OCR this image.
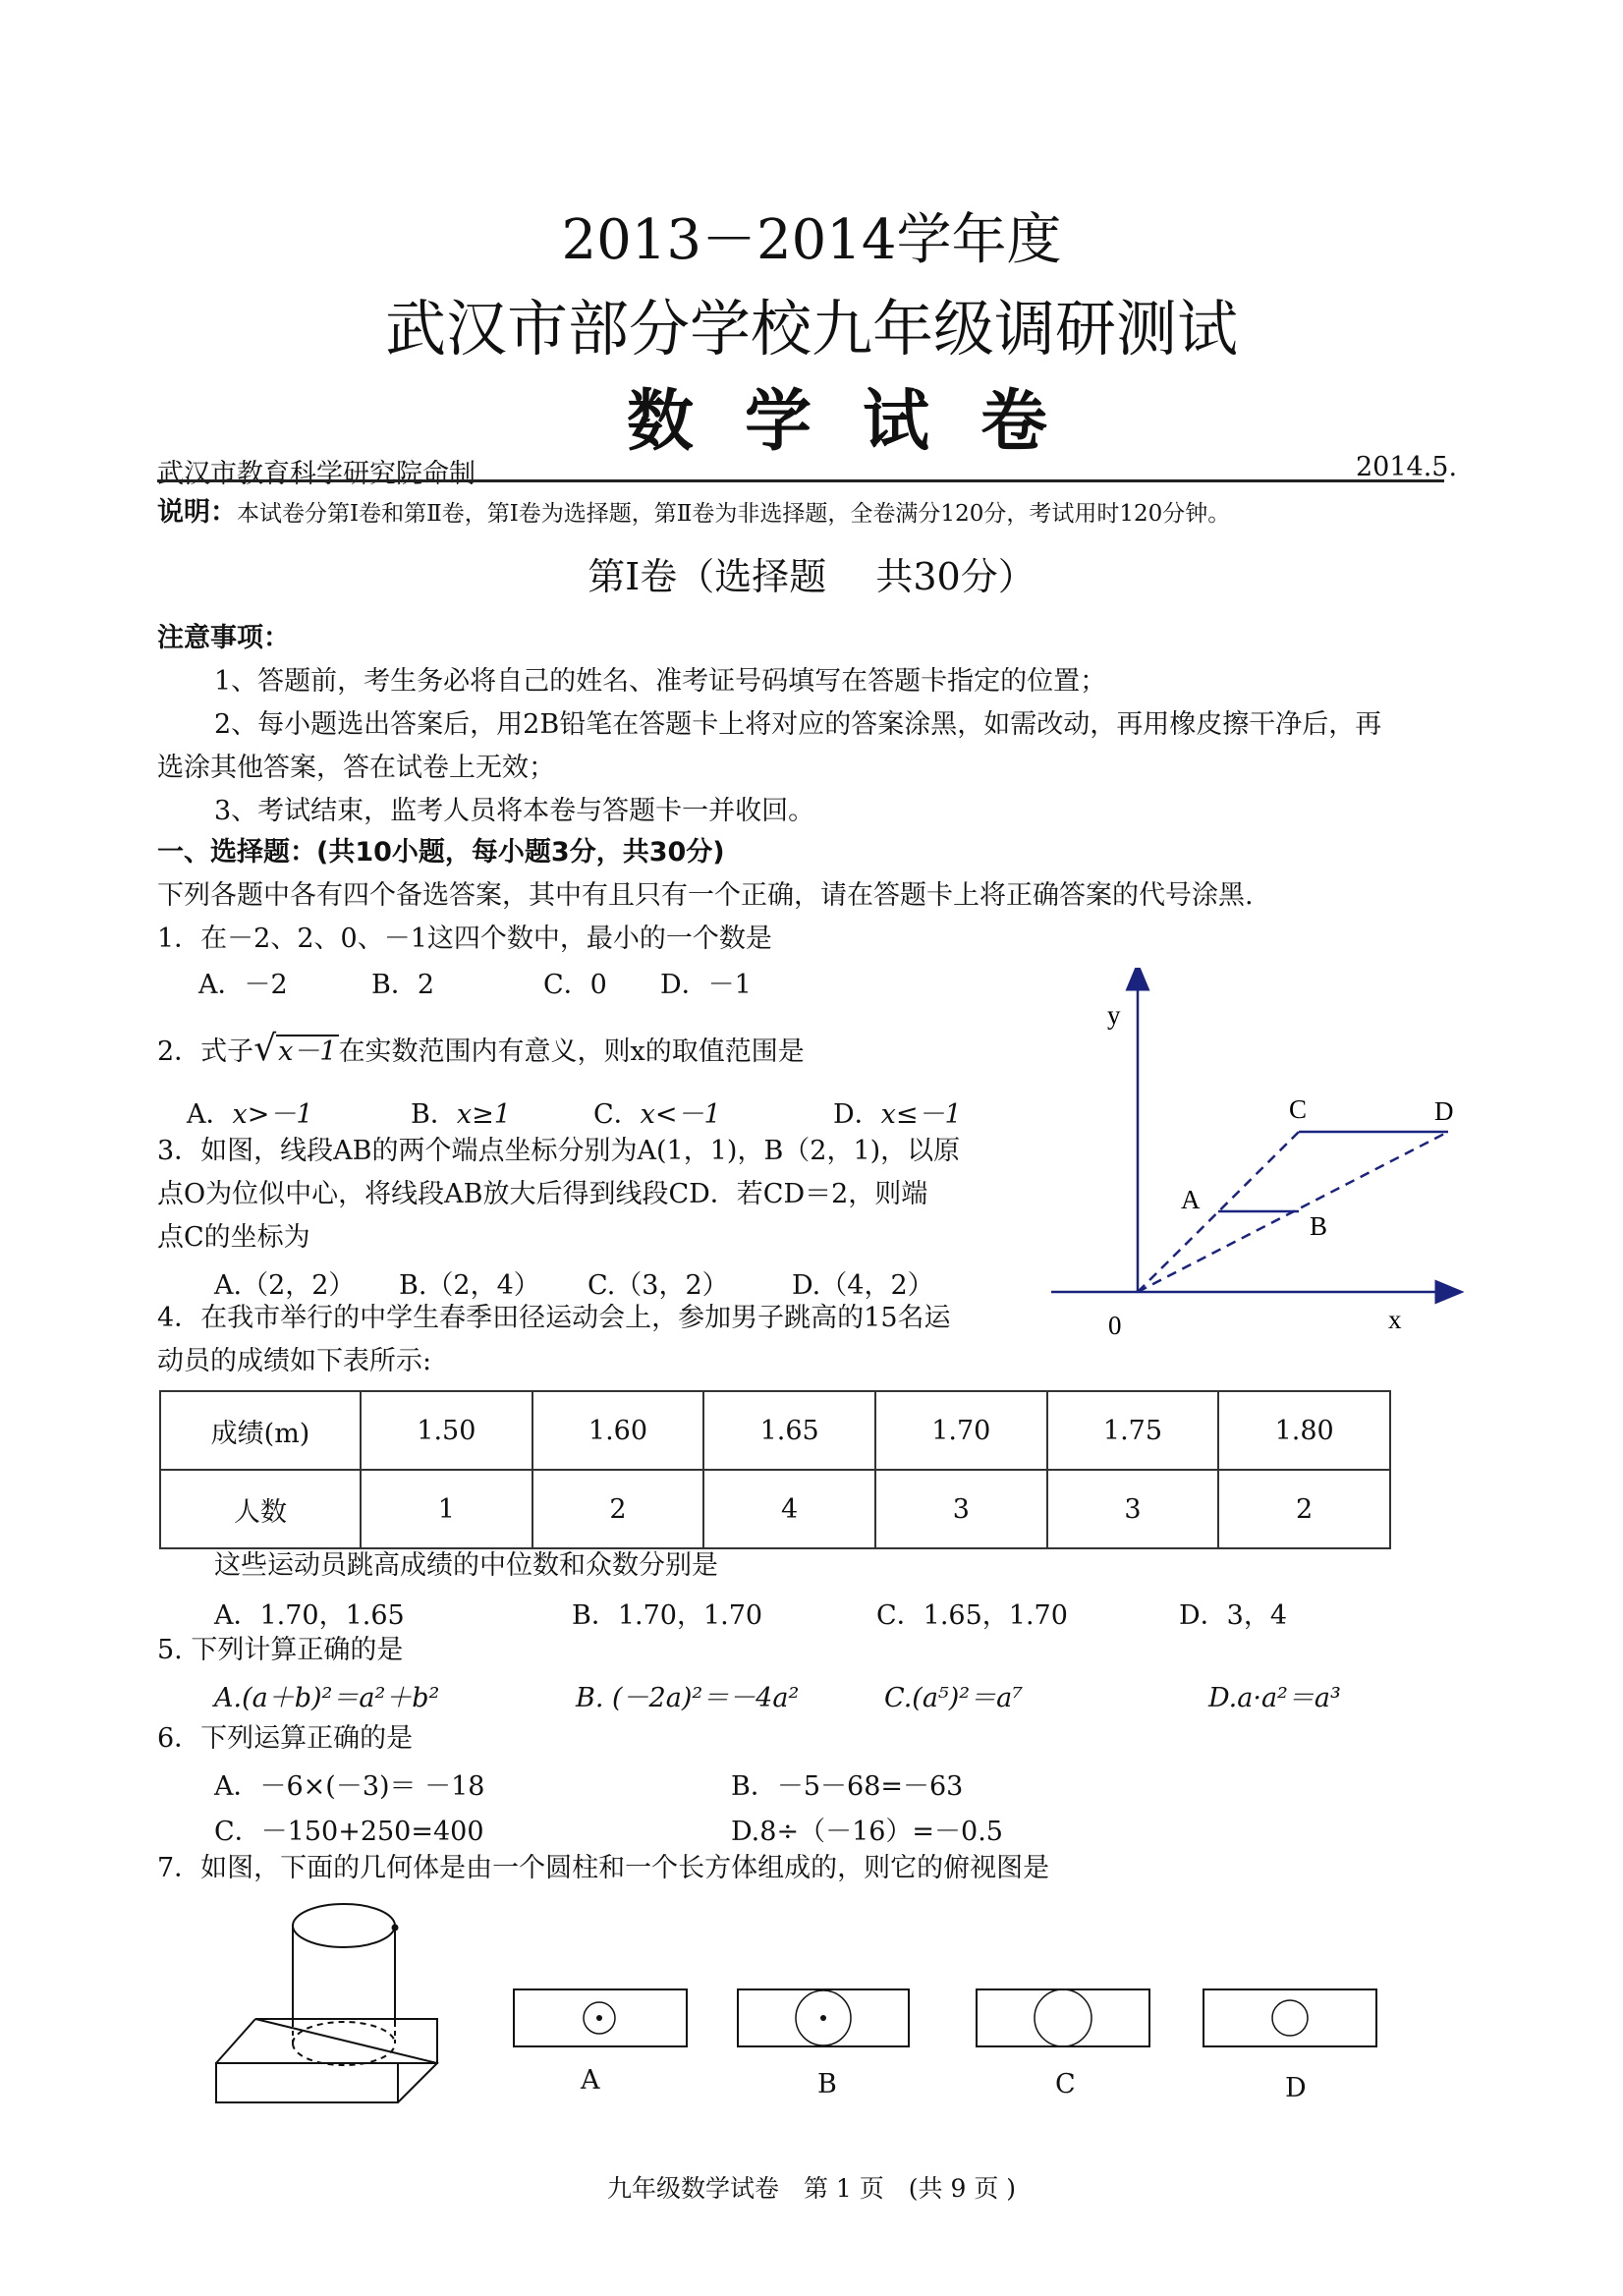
2013－2014学年度
武汉市部分学校九年级调研测试
数学试卷
武汉市教育科学研究院命制	2014.5.
说明：本试卷分第Ⅰ卷和第Ⅱ卷，第Ⅰ卷为选择题，第Ⅱ卷为非选择题，全卷满分120分，考试用时120分钟。
第Ⅰ卷（选择题　 共30分）
注意事项：
1、答题前，考生务必将自己的姓名、准考证号码填写在答题卡指定的位置；
2、每小题选出答案后，用2B铅笔在答题卡上将对应的答案涂黑，如需改动，再用橡皮擦干净后，再
选涂其他答案，答在试卷上无效；
3、考试结束，监考人员将本卷与答题卡一并收回。
一、选择题：(共10小题，每小题3分，共30分)
下列各题中各有四个备选答案，其中有且只有一个正确，请在答题卡上将正确答案的代号涂黑.
1．在－2、2、0、－1这四个数中，最小的一个数是
A．－2	B．2	C．0 D．－1
2．式子√x－1在实数范围内有意义，则x的取值范围是
A．x>－1	B．x≥1	C．x<－1	D．x≤－1
3．如图，线段AB的两个端点坐标分别为A(1，1)，B（2，1)，以原
点O为位似中心，将线段AB放大后得到线段CD．若CD＝2，则端
点C的坐标为
A.（2，2） B.（2，4） C.（3，2） D.（4，2）
y
x
0
A
B
C	D
4．在我市举行的中学生春季田径运动会上，参加男子跳高的15名运
动员的成绩如下表所示:
成绩(m)	1.50	1.60	1.65	1.70	1.75	1.80
人数	1	2	4	3	3	2
这些运动员跳高成绩的中位数和众数分别是
A．1.70，1.65	B．1.70，1.70	C．1.65，1.70	D．3，4
5. 下列计算正确的是
A.(a＋b)²＝a²＋b²	B. (－2a)²＝－4a²	C.(a⁵)²＝a⁷	D.a·a²＝a³
6．下列运算正确的是
A．－6×(－3)＝ －18	B．－5－68=－63
C．－150+250=400	D.8÷（－16）=－0.5
7．如图，下面的几何体是由一个圆柱和一个长方体组成的，则它的俯视图是
A	B	C	D
九年级数学试卷　第 1 页　(共 9 页 )
